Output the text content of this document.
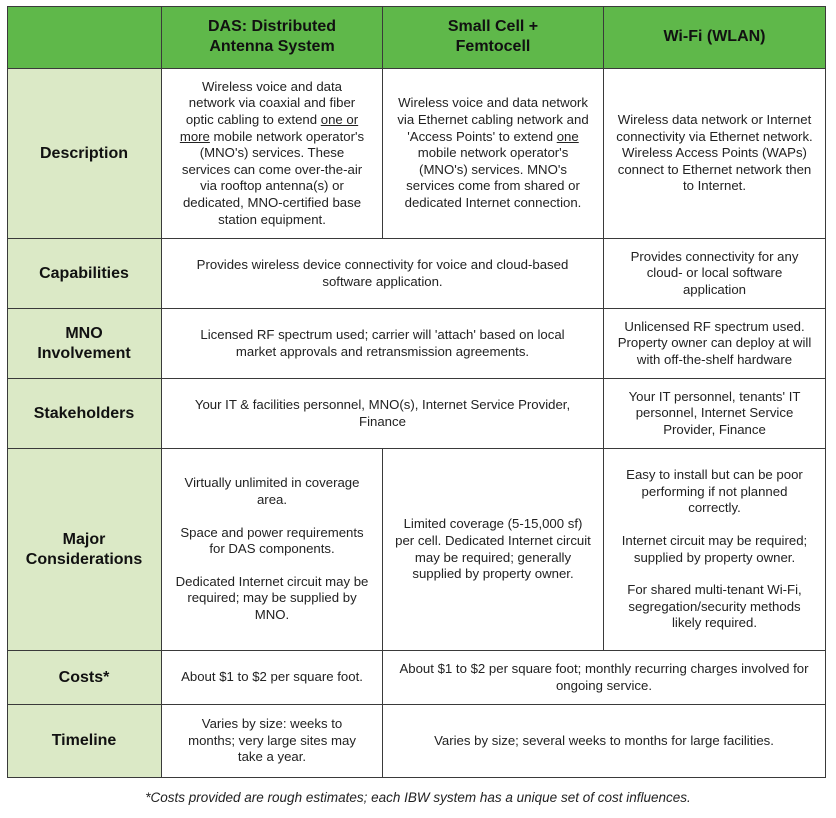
DAS: Distributed Antenna System
Small Cell + Femtocell
Wi-Fi (WLAN)
Description
Wireless voice and data network via coaxial and fiber optic cabling to extend one or more mobile network operator's (MNO's) services. These services can come over-the-air via rooftop antenna(s) or dedicated, MNO-certified base station equipment.
Wireless voice and data network via Ethernet cabling network and 'Access Points' to extend one mobile network operator's (MNO's) services. MNO's services come from shared or dedicated Internet connection.
Wireless data network or Internet connectivity via Ethernet network. Wireless Access Points (WAPs) connect to Ethernet network then to Internet.
Capabilities
Provides wireless device connectivity for voice and cloud-based software application.
Provides connectivity for any cloud- or local software application
MNO Involvement
Licensed RF spectrum used; carrier will 'attach' based on local market approvals and retransmission agreements.
Unlicensed RF spectrum used. Property owner can deploy at will with off-the-shelf hardware
Stakeholders
Your IT & facilities personnel, MNO(s), Internet Service Provider, Finance
Your IT personnel, tenants' IT personnel, Internet Service Provider, Finance
Major Considerations
Virtually unlimited in coverage area.
Space and power requirements for DAS components.
Dedicated Internet circuit may be required; may be supplied by MNO.
Limited coverage (5-15,000 sf) per cell. Dedicated Internet circuit may be required; generally supplied by property owner.
Easy to install but can be poor performing if not planned correctly.
Internet circuit may be required; supplied by property owner.
For shared multi-tenant Wi-Fi, segregation/security methods likely required.
Costs*	About $1 to $2 per square foot.
About $1 to $2 per square foot; monthly recurring charges involved for ongoing service.
Timeline
Varies by size: weeks to months; very large sites may take a year.
Varies by size; several weeks to months for large facilities.
*Costs provided are rough estimates; each IBW system has a unique set of cost influences.
